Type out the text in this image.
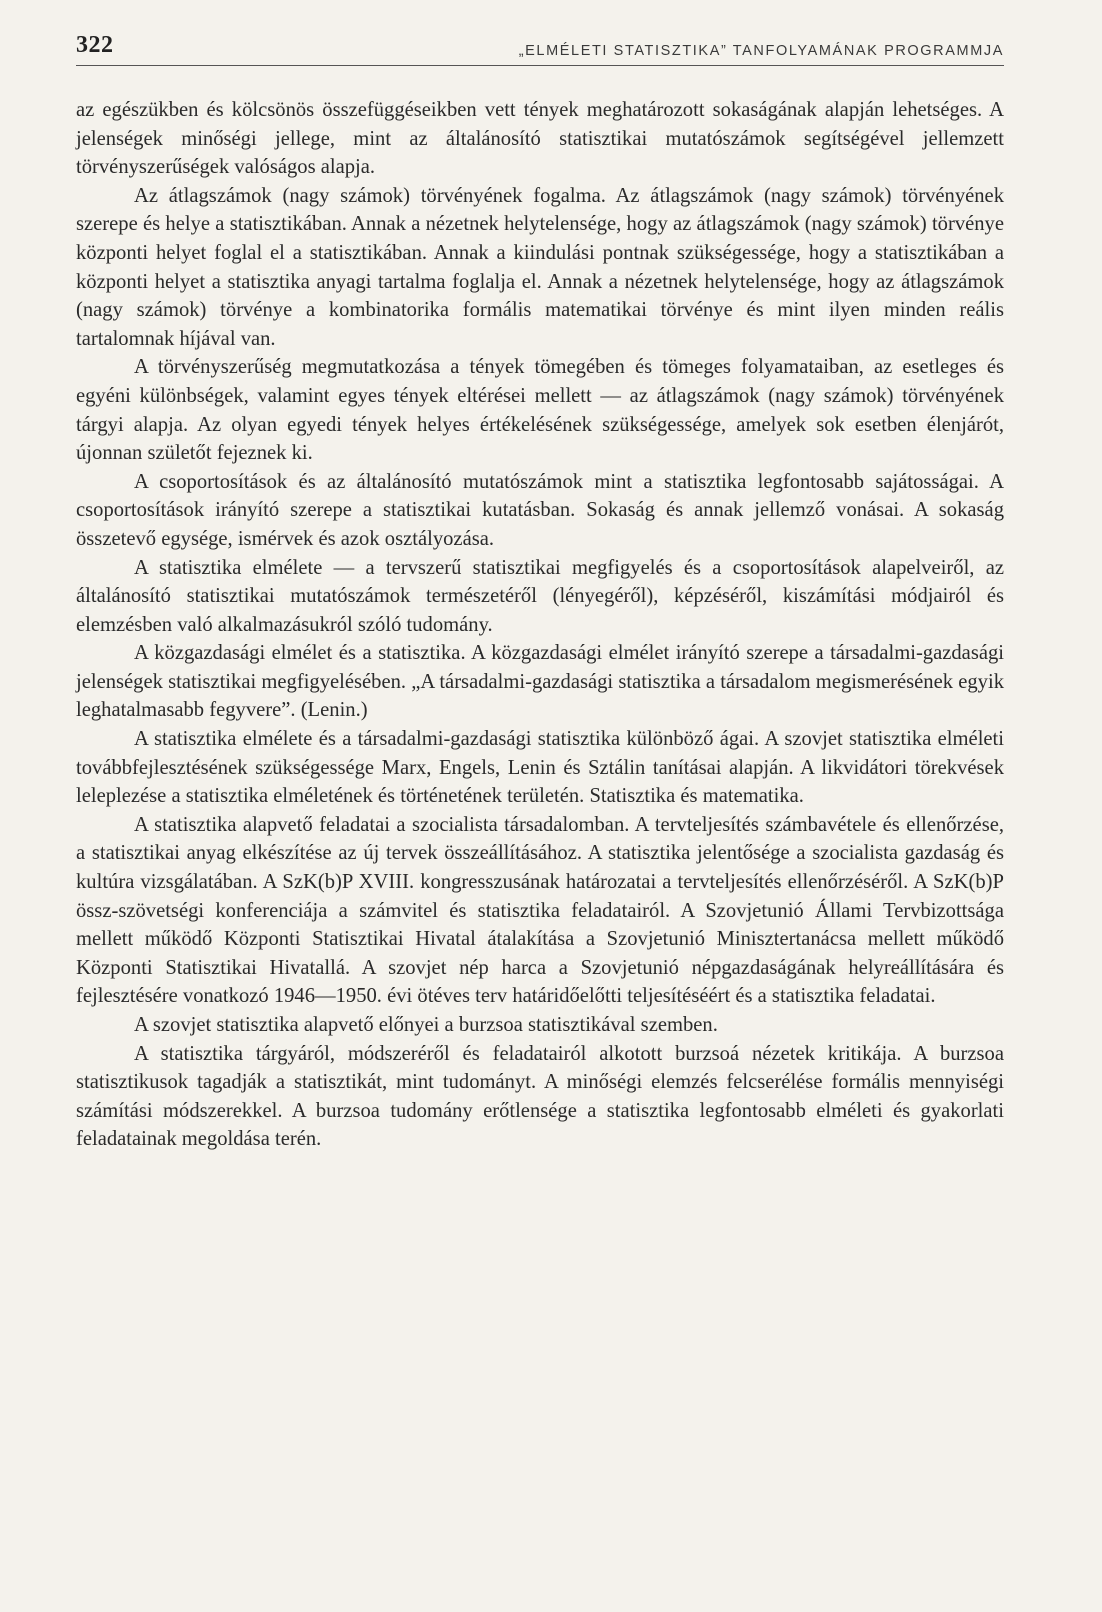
322	„ELMÉLETI STATISZTIKA” TANFOLYAMÁNAK PROGRAMMJA

az egészükben és kölcsönös összefüggéseikben vett tények meghatározott sokaságának alapján lehetséges. A jelenségek minőségi jellege, mint az általánosító statisztikai mutatószámok segítségével jellemzett törvényszerűségek valóságos alapja.

Az átlagszámok (nagy számok) törvényének fogalma. Az átlagszámok (nagy számok) törvényének szerepe és helye a statisztikában. Annak a nézetnek helytelensége, hogy az átlagszámok (nagy számok) törvénye központi helyet foglal el a statisztikában. Annak a kiindulási pontnak szükségessége, hogy a statisztikában a központi helyet a statisztika anyagi tartalma foglalja el. Annak a nézetnek helytelensége, hogy az átlagszámok (nagy számok) törvénye a kombinatorika formális matematikai törvénye és mint ilyen minden reális tartalomnak híjával van.

A törvényszerűség megmutatkozása a tények tömegében és tömeges folyamataiban, az esetleges és egyéni különbségek, valamint egyes tények eltérései mellett — az átlagszámok (nagy számok) törvényének tárgyi alapja. Az olyan egyedi tények helyes értékelésének szükségessége, amelyek sok esetben élenjárót, újonnan születőt fejeznek ki.

A csoportosítások és az általánosító mutatószámok mint a statisztika legfontosabb sajátosságai. A csoportosítások irányító szerepe a statisztikai kutatásban. Sokaság és annak jellemző vonásai. A sokaság összetevő egysége, ismérvek és azok osztályozása.

A statisztika elmélete — a tervszerű statisztikai megfigyelés és a csoportosítások alapelveiről, az általánosító statisztikai mutatószámok természetéről (lényegéről), képzéséről, kiszámítási módjairól és elemzésben való alkalmazásukról szóló tudomány.

A közgazdasági elmélet és a statisztika. A közgazdasági elmélet irányító szerepe a társadalmi-gazdasági jelenségek statisztikai megfigyelésében. „A társadalmi-gazdasági statisztika a társadalom megismerésének egyik leghatalmasabb fegyvere”. (Lenin.)

A statisztika elmélete és a társadalmi-gazdasági statisztika különböző ágai. A szovjet statisztika elméleti továbbfejlesztésének szükségessége Marx, Engels, Lenin és Sztálin tanításai alapján. A likvidátori törekvések leleplezése a statisztika elméletének és történetének területén. Statisztika és matematika.

A statisztika alapvető feladatai a szocialista társadalomban. A tervteljesítés számbavétele és ellenőrzése, a statisztikai anyag elkészítése az új tervek összeállításához. A statisztika jelentősége a szocialista gazdaság és kultúra vizsgálatában. A SzK(b)P XVIII. kongresszusának határozatai a tervteljesítés ellenőrzéséről. A SzK(b)P össz-szövetségi konferenciája a számvitel és statisztika feladatairól. A Szovjetunió Állami Tervbizottsága mellett működő Központi Statisztikai Hivatal átalakítása a Szovjetunió Minisztertanácsa mellett működő Központi Statisztikai Hivatallá. A szovjet nép harca a Szovjetunió népgazdaságának helyreállítására és fejlesztésére vonatkozó 1946—1950. évi ötéves terv határidőelőtti teljesítéséért és a statisztika feladatai.

A szovjet statisztika alapvető előnyei a burzsoa statisztikával szemben.

A statisztika tárgyáról, módszeréről és feladatairól alkotott burzsoá nézetek kritikája. A burzsoa statisztikusok tagadják a statisztikát, mint tudományt. A minőségi elemzés felcserélése formális mennyiségi számítási módszerekkel. A burzsoa tudomány erőtlensége a statisztika legfontosabb elméleti és gyakorlati feladatainak megoldása terén.
